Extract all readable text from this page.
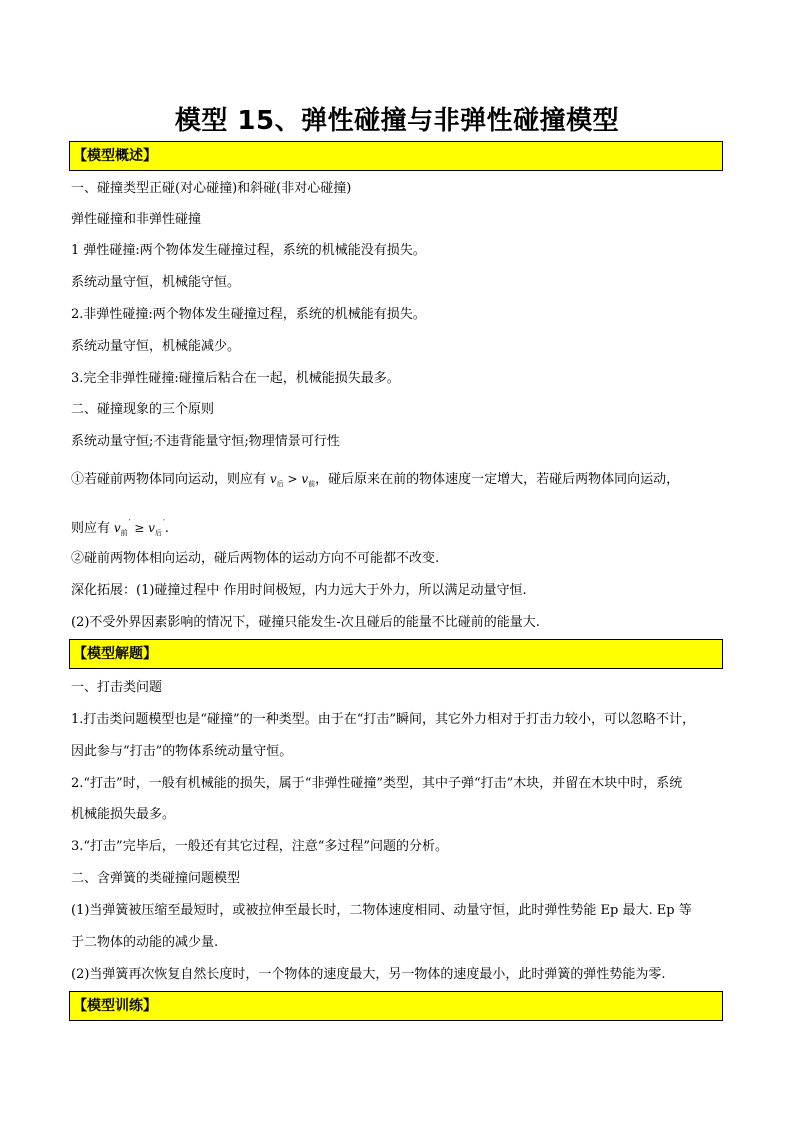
模型 15、弹性碰撞与非弹性碰撞模型
【模型概述】
一、碰撞类型正碰(对心碰撞)和斜碰(非对心碰撞)
弹性碰撞和非弹性碰撞
1 弹性碰撞:两个物体发生碰撞过程，系统的机械能没有损失。
系统动量守恒，机械能守恒。
2.非弹性碰撞:两个物体发生碰撞过程，系统的机械能有损失。
系统动量守恒，机械能减少。
3.完全非弹性碰撞:碰撞后粘合在一起，机械能损失最多。
二、碰撞现象的三个原则
系统动量守恒;不违背能量守恒;物理情景可行性
①若碰前两物体同向运动，则应有 $v_后 > v_前$，碰后原来在前的物体速度一定增大，若碰后两物体同向运动，
则应有 $v_前' \ge v_后'$.
②碰前两物体相向运动，碰后两物体的运动方向不可能都不改变.
深化拓展：(1)碰撞过程中 作用时间极短，内力远大于外力，所以满足动量守恒.
(2)不受外界因素影响的情况下，碰撞只能发生-次且碰后的能量不比碰前的能量大.
【模型解题】
一、打击类问题
1.打击类问题模型也是“碰撞”的一种类型。由于在“打击”瞬间，其它外力相对于打击力较小，可以忽略不计，
因此参与“打击”的物体系统动量守恒。
2.“打击”时，一般有机械能的损失，属于“非弹性碰撞”类型，其中子弹“打击”木块，并留在木块中时，系统
机械能损失最多。
3.“打击”完毕后，一般还有其它过程，注意“多过程”问题的分析。
二、含弹簧的类碰撞问题模型
(1)当弹簧被压缩至最短时，或被拉伸至最长时，二物体速度相同、动量守恒，此时弹性势能 Ep 最大. Ep 等
于二物体的动能的减少量.
(2)当弹簧再次恢复自然长度时，一个物体的速度最大，另一物体的速度最小，此时弹簧的弹性势能为零.
【模型训练】
